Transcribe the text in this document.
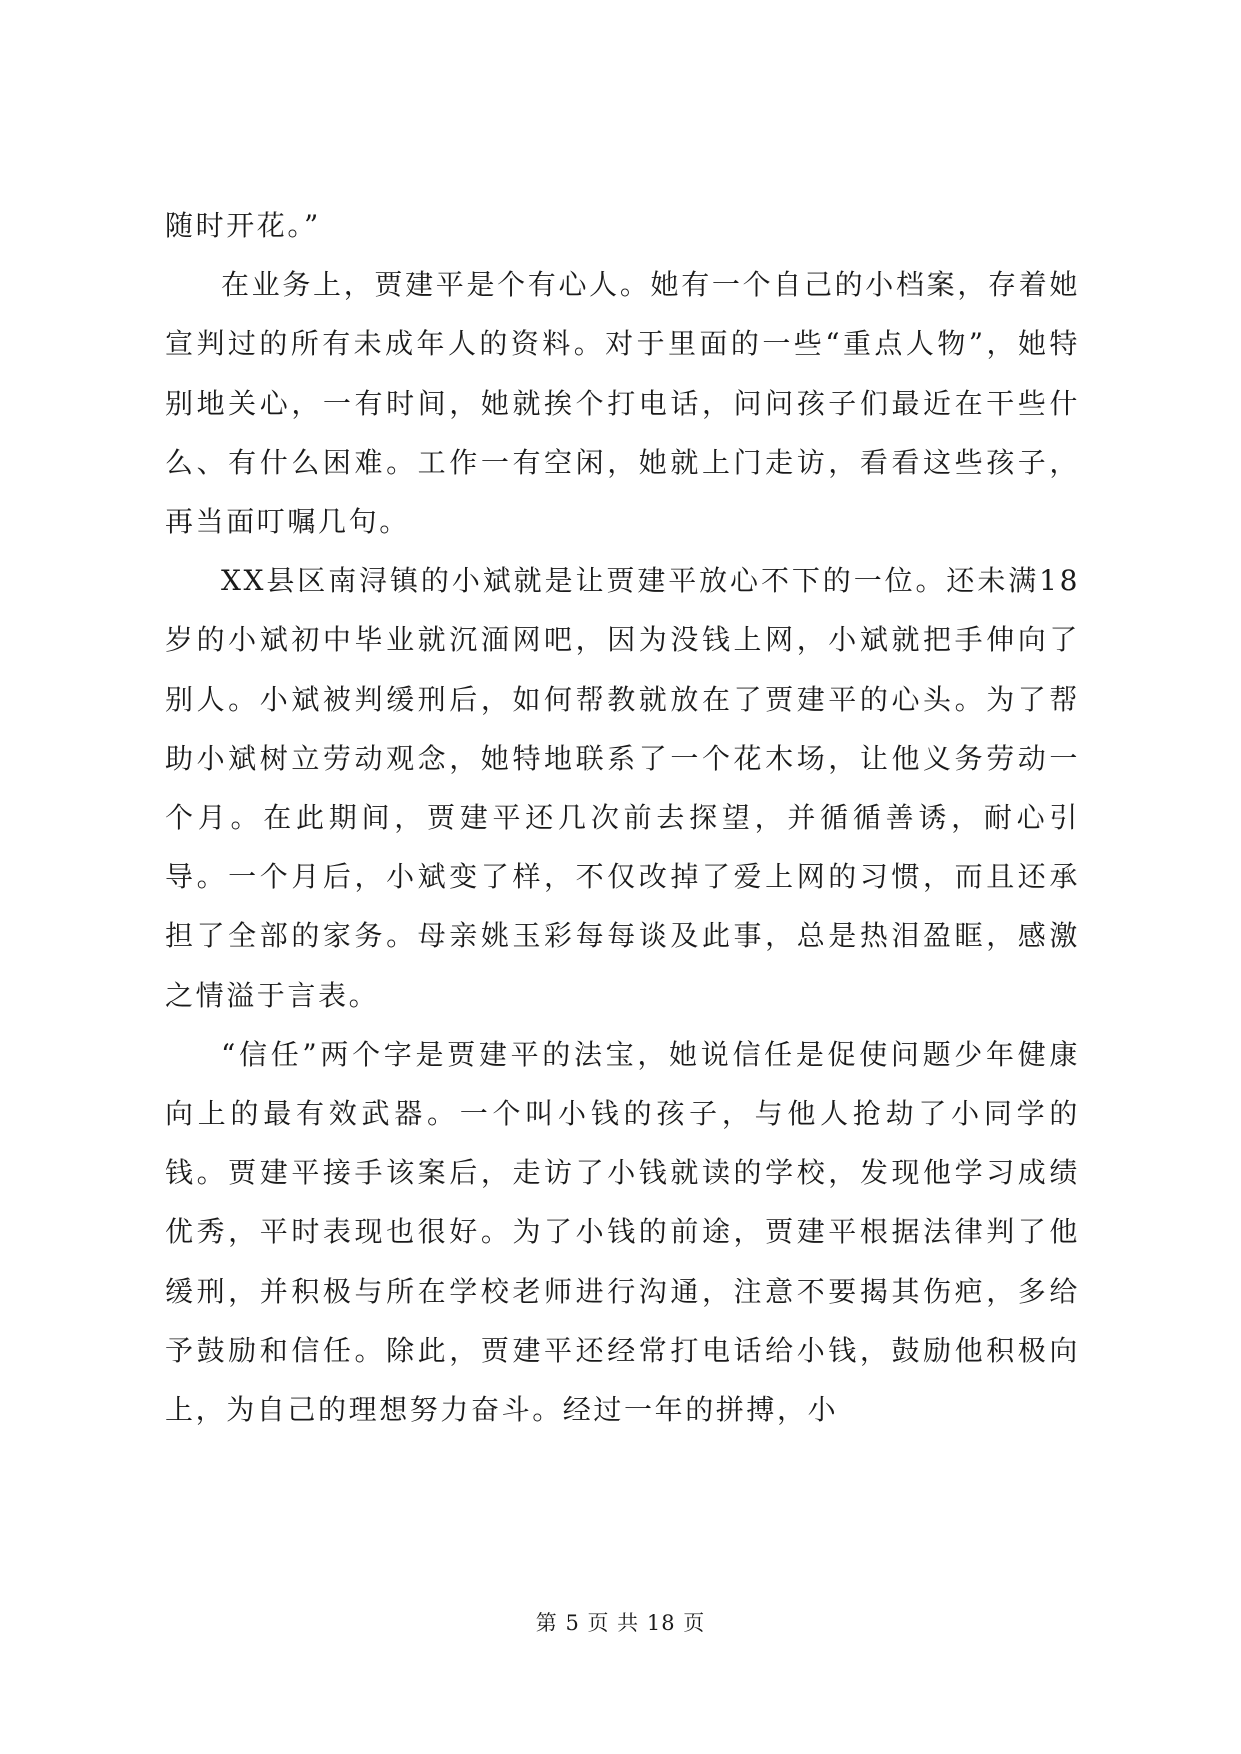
随时开花。”

在业务上，贾建平是个有心人。她有一个自己的小档案，存着她宣判过的所有未成年人的资料。对于里面的一些“重点人物”，她特别地关心，一有时间，她就挨个打电话，问问孩子们最近在干些什么、有什么困难。工作一有空闲，她就上门走访，看看这些孩子，再当面叮嘱几句。

XX县区南浔镇的小斌就是让贾建平放心不下的一位。还未满18岁的小斌初中毕业就沉湎网吧，因为没钱上网，小斌就把手伸向了别人。小斌被判缓刑后，如何帮教就放在了贾建平的心头。为了帮助小斌树立劳动观念，她特地联系了一个花木场，让他义务劳动一个月。在此期间，贾建平还几次前去探望，并循循善诱，耐心引导。一个月后，小斌变了样，不仅改掉了爱上网的习惯，而且还承担了全部的家务。母亲姚玉彩每每谈及此事，总是热泪盈眶，感激之情溢于言表。

“信任”两个字是贾建平的法宝，她说信任是促使问题少年健康向上的最有效武器。一个叫小钱的孩子，与他人抢劫了小同学的钱。贾建平接手该案后，走访了小钱就读的学校，发现他学习成绩优秀，平时表现也很好。为了小钱的前途，贾建平根据法律判了他缓刑，并积极与所在学校老师进行沟通，注意不要揭其伤疤，多给予鼓励和信任。除此，贾建平还经常打电话给小钱，鼓励他积极向上，为自己的理想努力奋斗。经过一年的拼搏，小

第 5 页 共 18 页
